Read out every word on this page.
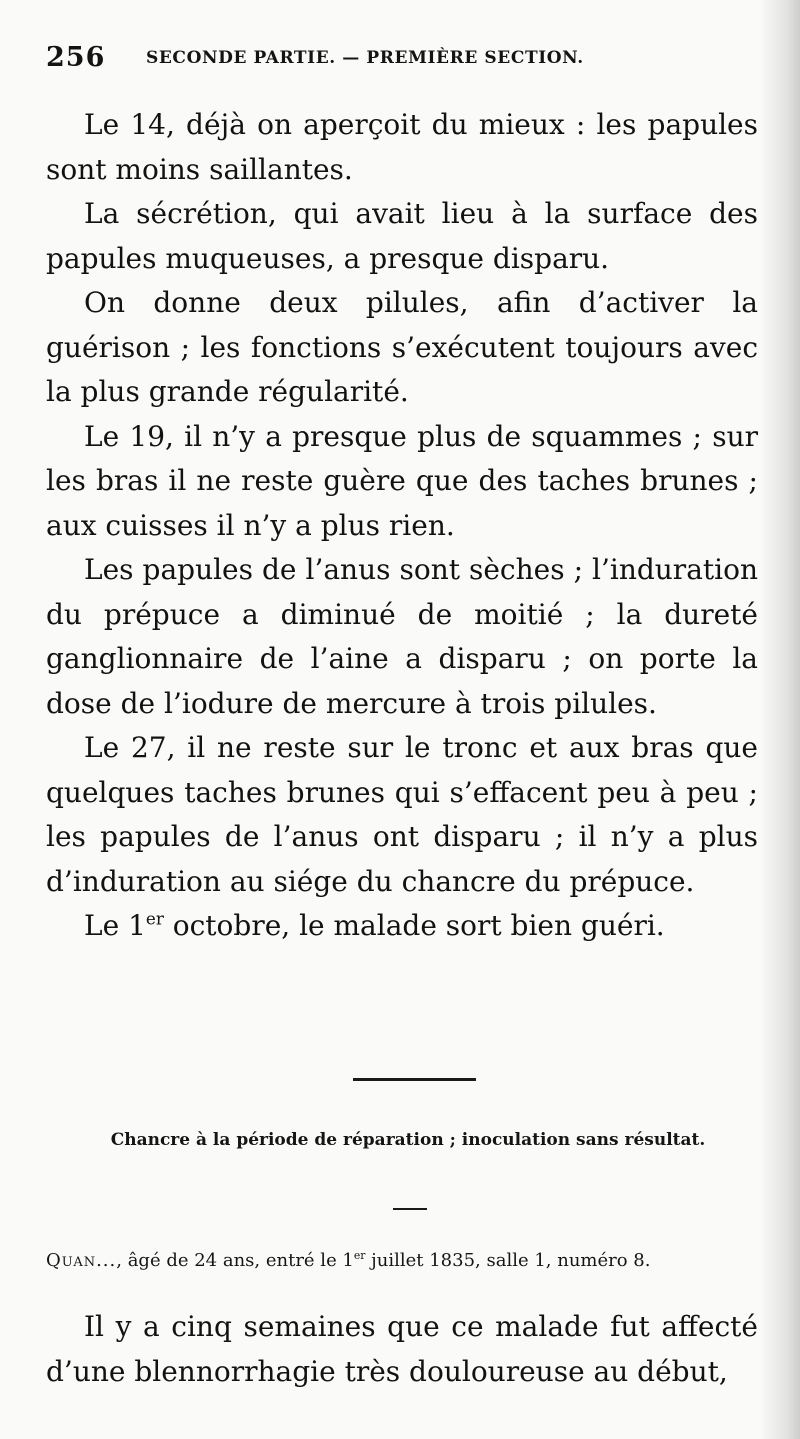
256 SECONDE PARTIE. — PREMIÈRE SECTION.

Le 14, déjà on aperçoit du mieux : les papules sont moins saillantes.

La sécrétion, qui avait lieu à la surface des papules muqueuses, a presque disparu.

On donne deux pilules, afin d’activer la guérison ; les fonctions s’exécutent toujours avec la plus grande régularité.

Le 19, il n’y a presque plus de squammes ; sur les bras il ne reste guère que des taches brunes ; aux cuisses il n’y a plus rien.

Les papules de l’anus sont sèches ; l’induration du prépuce a diminué de moitié ; la dureté ganglionnaire de l’aine a disparu ; on porte la dose de l’iodure de mercure à trois pilules.

Le 27, il ne reste sur le tronc et aux bras que quelques taches brunes qui s’effacent peu à peu ; les papules de l’anus ont disparu ; il n’y a plus d’induration au siége du chancre du prépuce.

Le 1er octobre, le malade sort bien guéri.

Chancre à la période de réparation ; inoculation sans résultat.
Quan..., âgé de 24 ans, entré le 1er juillet 1835, salle 1, numéro 8.

Il y a cinq semaines que ce malade fut affecté d’une blennorrhagie très douloureuse au début,
